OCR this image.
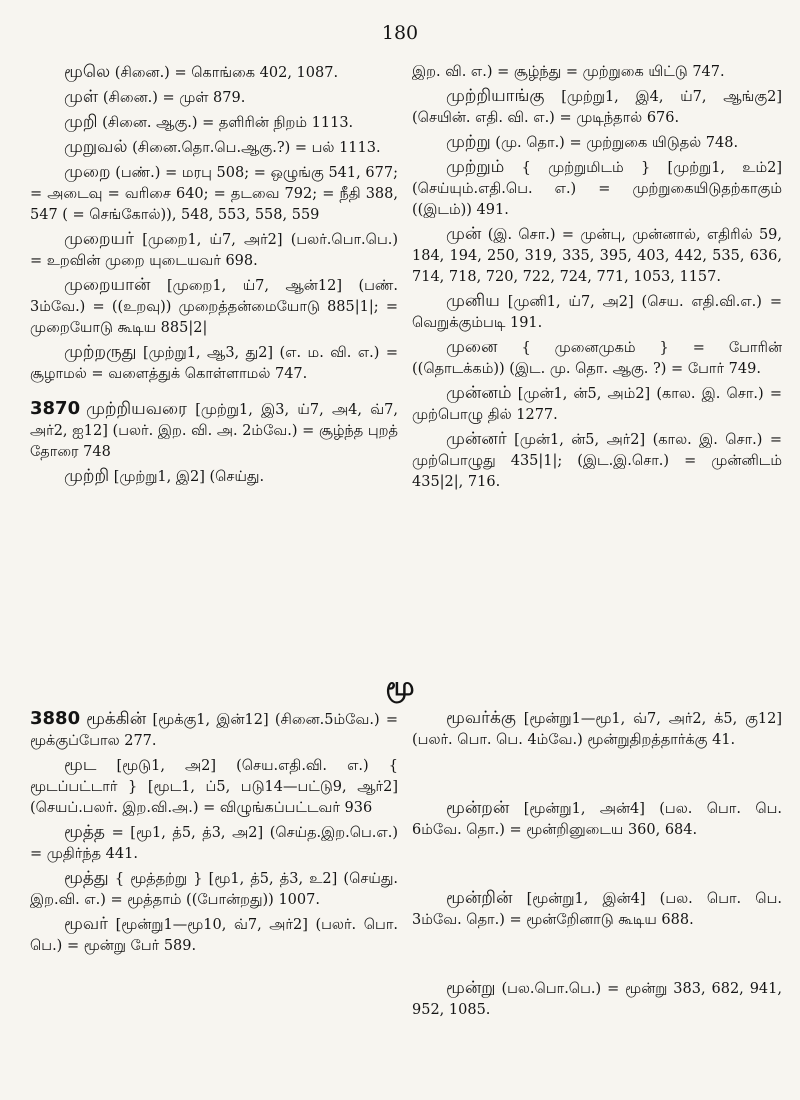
180

மூலெ (சினை.) = கொங்கை 402, 1087.

முள் (சினை.) = முள் 879.

முறி (சினை. ஆகு.) = தளிரின் நிறம் 1113.

முறுவல் (சினை.தொ.பெ.ஆகு.?) = பல் 1113.

முறை (பண்.) = மரபு 508; = ஒழுங்கு 541, 677; = அடைவு = வரிசை 640; = தடவை 792; = நீதி 388, 547 ( = செங்கோல்)), 548, 553, 558, 559

முறையர் [முறை1, ய்7, அர்2] (பலர்.பொ.பெ.) = உறவின் முறை யுடையவர் 698.

முறையான் [முறை1, ய்7, ஆன்12] (பண். 3ம்வே.) = ((உறவு)) முறைத்தன்மையோடு 885|1|; = முறையோடு கூடிய 885|2|

முற்றருது [முற்று1, ஆ3, து2] (எ. ம. வி. எ.) = சூழாமல் = வளைத்துக் கொள்ளாமல் 747.

3870 முற்றியவரை [முற்று1, இ3, ய்7, அ4, வ்7, அர்2, ஐ12] (பலர். இற. வி. அ. 2ம்வே.) = சூழ்ந்த புறத் தோரை 748

முற்றி [முற்று1, இ2] (செய்து.

இற. வி. எ.) = சூழ்ந்து = முற்றுகை யிட்டு 747.

முற்றியாங்கு [முற்று1, இ4, ய்7, ஆங்கு2] (செயின். எதி. வி. எ.) = முடிந்தால் 676.

முற்று (மு. தொ.) = முற்றுகை யிடுதல் 748.

முற்றும் { முற்றுமிடம் } [முற்று1, உம்2] (செய்யும்.எதி.பெ. எ.) = முற்றுகையிடுதற்காகும் ((இடம்)) 491.

முன் (இ. சொ.) = முன்பு, முன்னால், எதிரில் 59, 184, 194, 250, 319, 335, 395, 403, 442, 535, 636, 714, 718, 720, 722, 724, 771, 1053, 1157.

முனிய [முனி1, ய்7, அ2] (செய. எதி.வி.எ.) = வெறுக்கும்படி 191.

முனை { முனைமுகம் } = போரின் ((தொடக்கம்)) (இட. மு. தொ. ஆகு. ?) = போர் 749.

முன்னம் [முன்1, ன்5, அம்2] (கால. இ. சொ.) = முற்பொழு தில் 1277.

முன்னர் [முன்1, ன்5, அர்2] (கால. இ. சொ.) = முற்பொழுது 435|1|; (இட.இ.சொ.) = முன்னிடம் 435|2|, 716.

மூ

3880 மூக்கின் [மூக்கு1, இன்12] (சினை.5ம்வே.) = மூக்குப்போல 277.

மூட [மூடு1, அ2] (செய.எதி.வி. எ.) { மூடப்பட்டார் } [மூட1, ப்5, படு14—பட்டு9, ஆர்2] (செயப்.பலர். இற.வி.அ.) = விழுங்கப்பட்டவர் 936

மூத்த = [மூ1, த்5, த்3, அ2] (செய்த.இற.பெ.எ.) = முதிர்ந்த 441.

மூத்து { மூத்தற்று } [மூ1, த்5, த்3, உ2] (செய்து. இற.வி. எ.) = மூத்தாம் ((போன்றது)) 1007.

மூவர் [மூன்று1—மூ10, வ்7, அர்2] (பலர். பொ. பெ.) = மூன்று பேர் 589.

மூவர்க்கு [மூன்று1—மூ1, வ்7, அர்2, க்5, கு12] (பலர். பொ. பெ. 4ம்வே.) மூன்றுதிறத்தார்க்கு 41.

மூன்றன் [மூன்று1, அன்4] (பல. பொ. பெ. 6ம்வே. தொ.) = மூன்றினுடைய 360, 684.

மூன்றின் [மூன்று1, இன்4] (பல. பொ. பெ. 3ம்வே. தொ.) = மூன்றிேனாடு கூடிய 688.

மூன்று (பல.பொ.பெ.) = மூன்று 383, 682, 941, 952, 1085.
